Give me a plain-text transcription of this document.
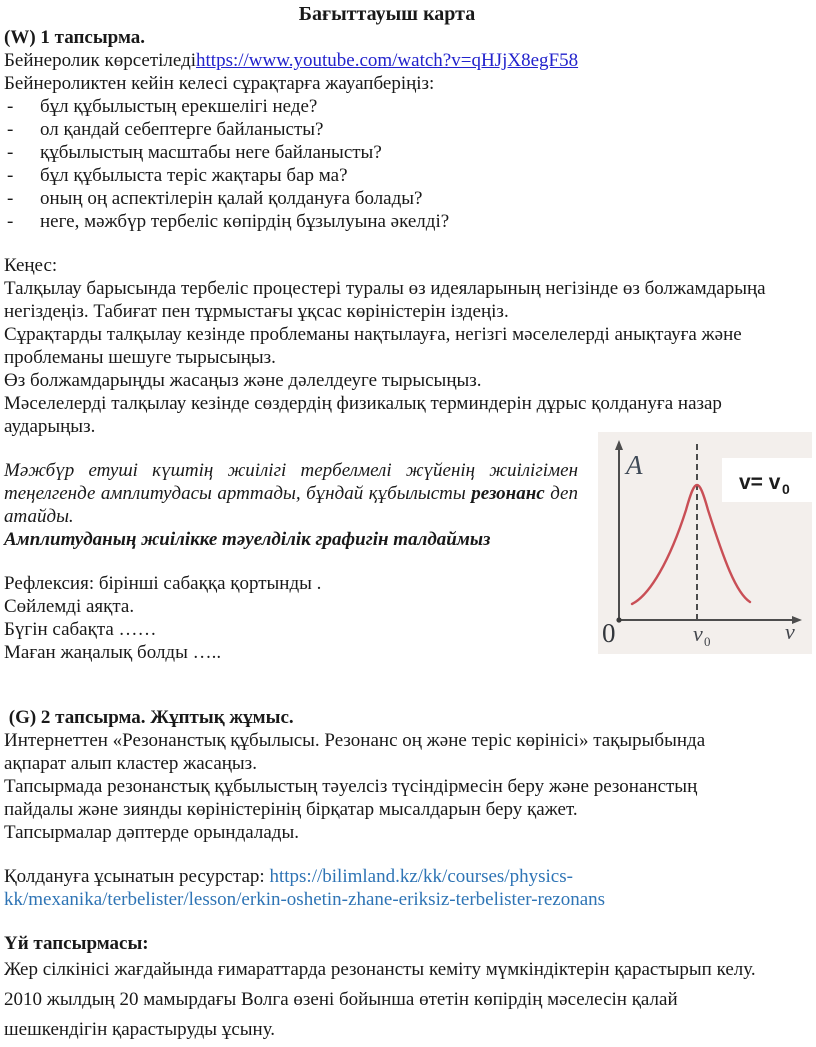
Бағыттауыш карта
(W) 1 тапсырма.
Бейнеролик көрсетіледіhttps://www.youtube.com/watch?v=qHJjX8egF58
Бейнероликтен кейін келесі сұрақтарға жауапберіңіз:
- бұл құбылыстың ерекшелігі неде?
- ол қандай себептерге байланысты?
- құбылыстың масштабы неге байланысты?
- бұл құбылыста теріс жақтары бар ма?
- оның оң аспектілерін қалай қолдануға болады?
- неге, мәжбүр тербеліс көпірдің бұзылуына әкелді?
Кеңес:
Талқылау барысында тербеліс процестері туралы өз идеяларының негізінде өз болжамдарыңа
негіздеңіз. Табиғат пен тұрмыстағы ұқсас көріністерін іздеңіз.
Сұрақтарды талқылау кезінде проблеманы нақтылауға, негізгі мәселелерді анықтауға және
проблеманы шешуге тырысыңыз.
Өз болжамдарыңды жасаңыз және дәлелдеуге тырысыңыз.
Мәселелерді талқылау кезінде сөздердің физикалық терминдерін дұрыс қолдануға назар
аударыңыз.
Мәжбүр етуші күштің жиілігі тербелмелі жүйенің жиілігімен
теңелгенде амплитудасы арттады, бұндай құбылысты резонанс деп
атайды.
Амплитуданың жиілікке тәуелділік графигін талдаймыз
Рефлексия: бірінші сабаққа қортынды .
Сөйлемді аяқта.
Бүгін сабақта ……
Маған жаңалық болды …..
(G) 2 тапсырма. Жұптық жұмыс.
Интернеттен «Резонанстық құбылысы. Резонанс оң және теріс көрінісі» тақырыбында
ақпарат алып кластер жасаңыз.
Тапсырмада резонанстық құбылыстың тәуелсіз түсіндірмесін беру және резонанстың
пайдалы және зиянды көріністерінің бірқатар мысалдарын беру қажет.
Тапсырмалар дәптерде орындалады.
Қолдануға ұсынатын ресурстар: https://bilimland.kz/kk/courses/physics-
kk/mexanika/terbelister/lesson/erkin-oshetin-zhane-eriksiz-terbelister-rezonans
Үй тапсырмасы:
Жер сілкінісі жағдайында ғимараттарда резонансты кеміту мүмкіндіктерін қарастырып келу.
2010 жылдың 20 мамырдағы Волга өзені бойынша өтетін көпірдің мәселесін қалай
шешкендігін қарастыруды ұсыну.
v= v 0
A
0	ν 0	ν
